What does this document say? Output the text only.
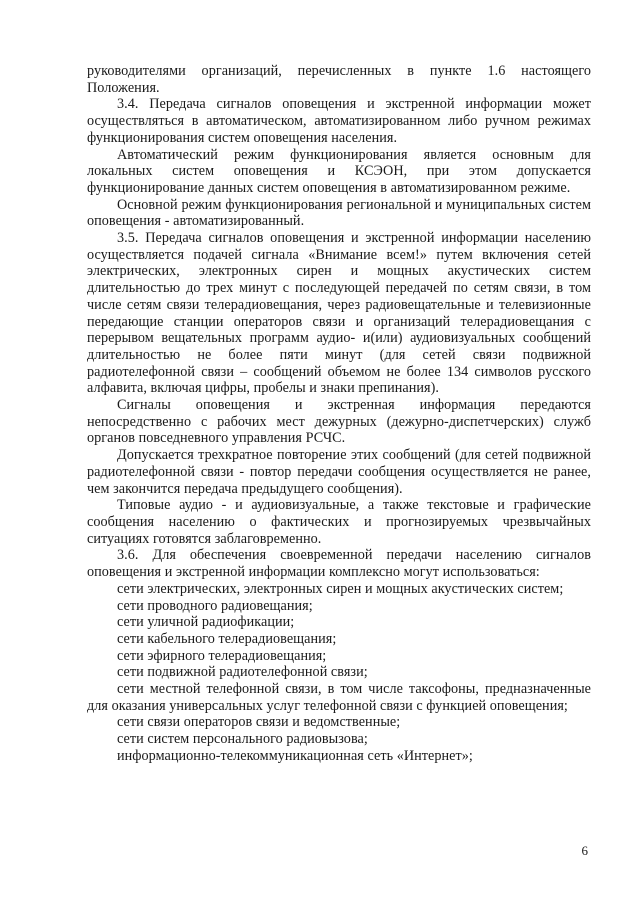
руководителями организаций, перечисленных в пункте 1.6 настоящего Положения.

3.4. Передача сигналов оповещения и экстренной информации может осуществляться в автоматическом, автоматизированном либо ручном режимах функционирования систем оповещения населения.

Автоматический режим функционирования является основным для локальных систем оповещения и КСЭОН, при этом допускается функционирование данных систем оповещения в автоматизированном режиме.

Основной режим функционирования региональной и муниципальных систем оповещения - автоматизированный.

3.5. Передача сигналов оповещения и экстренной информации населению осуществляется подачей сигнала «Внимание всем!» путем включения сетей электрических, электронных сирен и мощных акустических систем длительностью до трех минут с последующей передачей по сетям связи, в том числе сетям связи телерадиовещания, через радиовещательные и телевизионные передающие станции операторов связи и организаций телерадиовещания с перерывом вещательных программ аудио- и(или) аудиовизуальных сообщений длительностью не более пяти минут (для сетей связи подвижной радиотелефонной связи – сообщений объемом не более 134 символов русского алфавита, включая цифры, пробелы и знаки препинания).

Сигналы оповещения и экстренная информация передаются непосредственно с рабочих мест дежурных (дежурно-диспетчерских) служб органов повседневного управления РСЧС.

Допускается трехкратное повторение этих сообщений (для сетей подвижной радиотелефонной связи - повтор передачи сообщения осуществляется не ранее, чем закончится передача предыдущего сообщения).

Типовые аудио - и аудиовизуальные, а также текстовые и графические сообщения населению о фактических и прогнозируемых чрезвычайных ситуациях готовятся заблаговременно.

3.6. Для обеспечения своевременной передачи населению сигналов оповещения и экстренной информации комплексно могут использоваться:

сети электрических, электронных сирен и мощных акустических систем;

сети проводного радиовещания;

сети уличной радиофикации;

сети кабельного телерадиовещания;

сети эфирного телерадиовещания;

сети подвижной радиотелефонной связи;

сети местной телефонной связи, в том числе таксофоны, предназначенные для оказания универсальных услуг телефонной связи с функцией оповещения;

сети связи операторов связи и ведомственные;

сети систем персонального радиовызова;

информационно-телекоммуникационная сеть «Интернет»;

6
